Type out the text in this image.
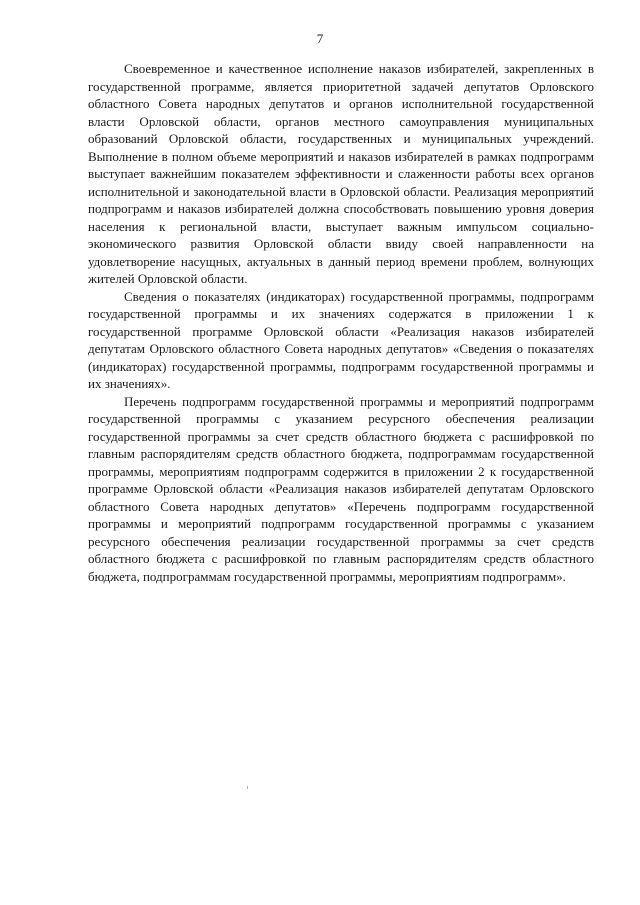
7

Своевременное и качественное исполнение наказов избирателей, закрепленных в государственной программе, является приоритетной задачей депутатов Орловского областного Совета народных депутатов и органов исполнительной государственной власти Орловской области, органов местного самоуправления муниципальных образований Орловской области, государственных и муниципальных учреждений. Выполнение в полном объеме мероприятий и наказов избирателей в рамках подпрограмм выступает важнейшим показателем эффективности и слаженности работы всех органов исполнительной и законодательной власти в Орловской области. Реализация мероприятий подпрограмм и наказов избирателей должна способствовать повышению уровня доверия населения к региональной власти, выступает важным импульсом социально-экономического развития Орловской области ввиду своей направленности на удовлетворение насущных, актуальных в данный период времени проблем, волнующих жителей Орловской области.

Сведения о показателях (индикаторах) государственной программы, подпрограмм государственной программы и их значениях содержатся в приложении 1 к государственной программе Орловской области «Реализация наказов избирателей депутатам Орловского областного Совета народных депутатов» «Сведения о показателях (индикаторах) государственной программы, подпрограмм государственной программы и их значениях».

Перечень подпрограмм государственной программы и мероприятий подпрограмм государственной программы с указанием ресурсного обеспечения реализации государственной программы за счет средств областного бюджета с расшифровкой по главным распорядителям средств областного бюджета, подпрограммам государственной программы, мероприятиям подпрограмм содержится в приложении 2 к государственной программе Орловской области «Реализация наказов избирателей депутатам Орловского областного Совета народных депутатов» «Перечень подпрограмм государственной программы и мероприятий подпрограмм государственной программы с указанием ресурсного обеспечения реализации государственной программы за счет средств областного бюджета с расшифровкой по главным распорядителям средств областного бюджета, подпрограммам государственной программы, мероприятиям подпрограмм».
